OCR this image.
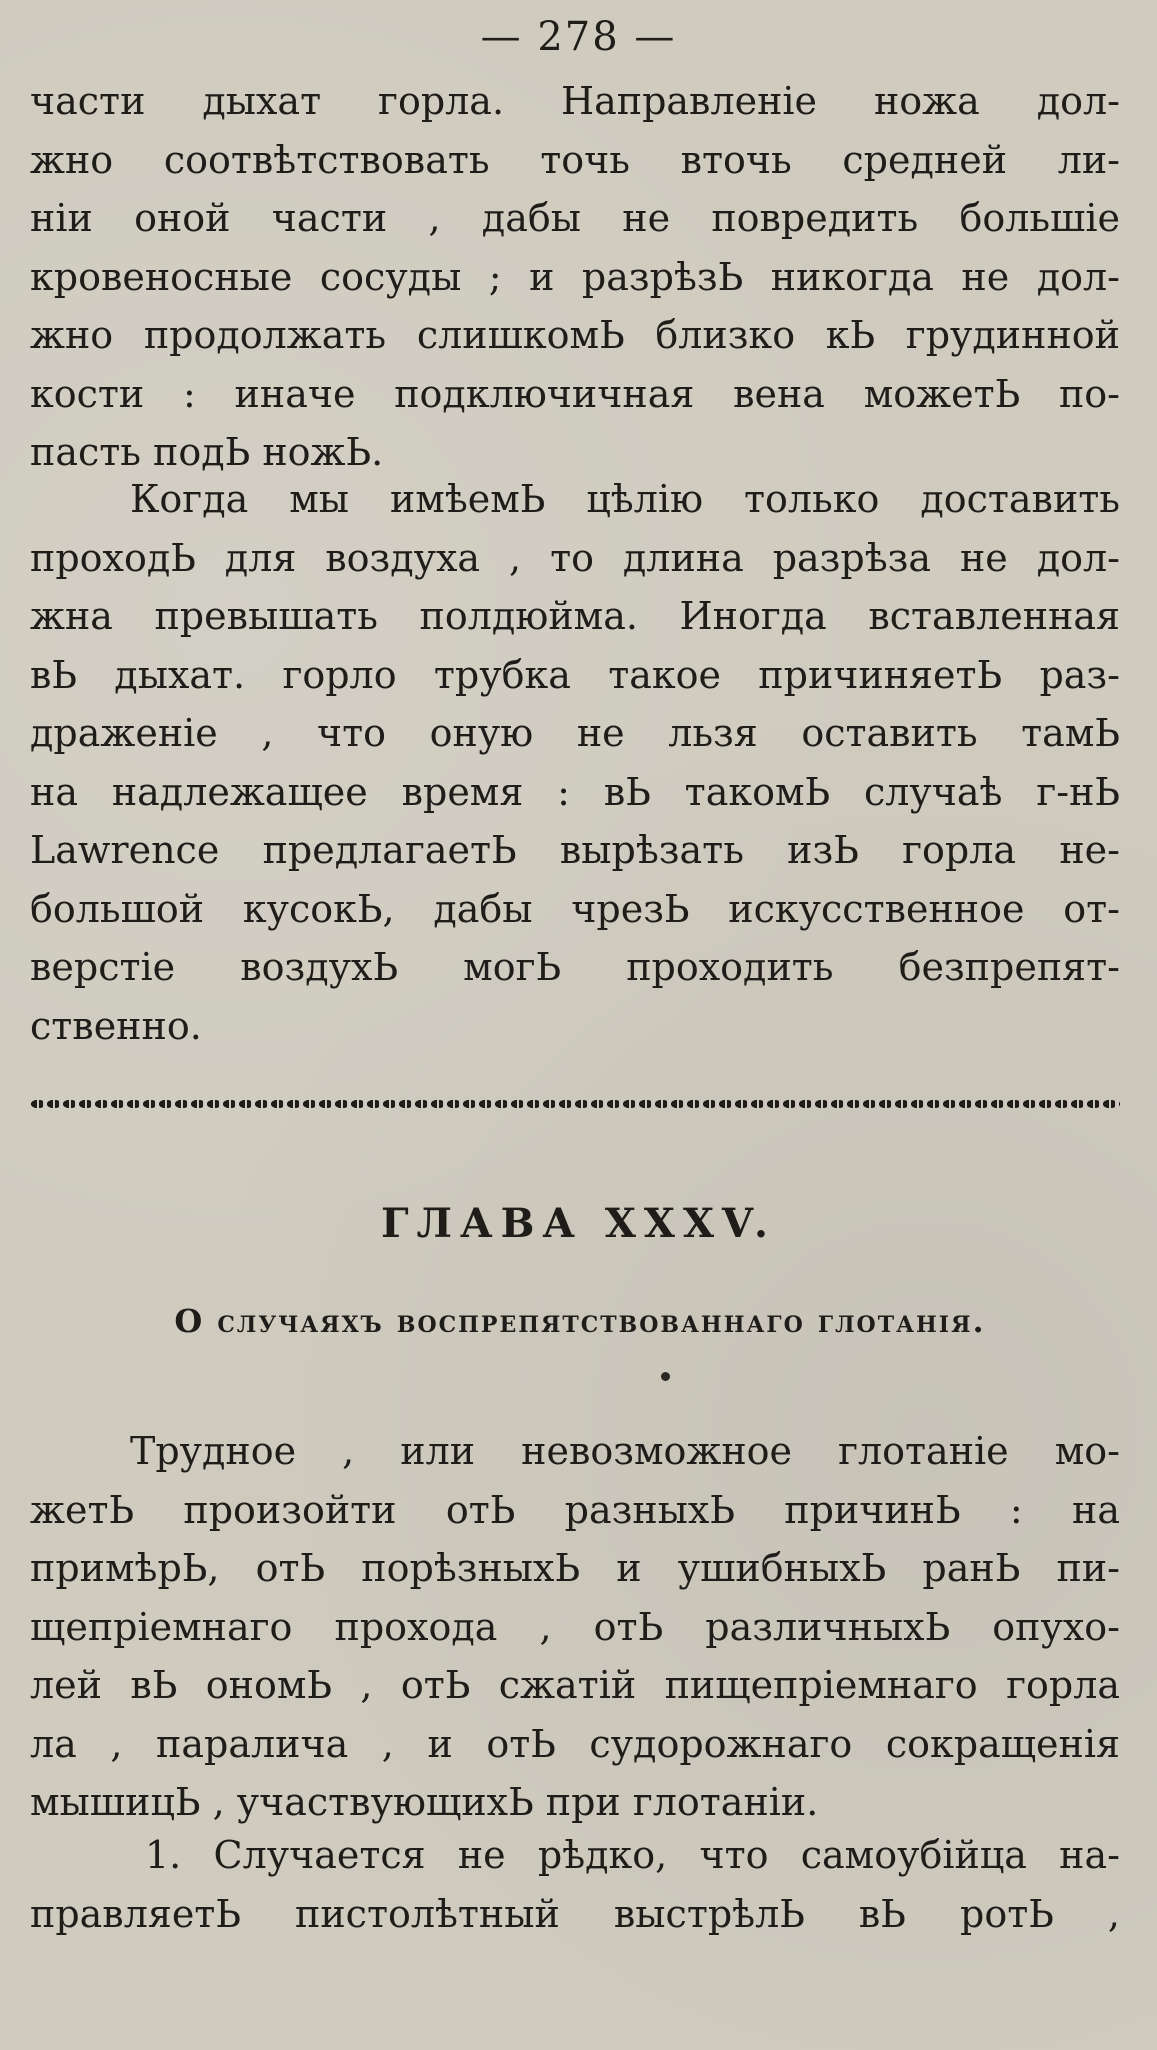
— 278 —
части дыхат горла. Направленіе ножа дол-
жно соотвѣтствовать точь вточь средней ли-
ніи оной части , дабы не повредить большіе
кровеносные сосуды ; и разрѣзЬ никогда не дол-
жно продолжать слишкомЬ близко кЬ грудинной
кости : иначе подключичная вена можетЬ по-
пасть подЬ ножЬ.
Когда мы имѣемЬ цѣлію только доставить
проходЬ для воздуха , то длина разрѣза не дол-
жна превышать полдюйма. Иногда вставленная
вЬ дыхат. горло трубка такое причиняетЬ раз-
драженіе , что оную не льзя оставить тамЬ
на надлежащее время : вЬ такомЬ случаѣ г-нЬ
Lawrence предлагаетЬ вырѣзать изЬ горла не-
большой кусокЬ, дабы чрезЬ искусственное от-
верстіе воздухЬ могЬ проходить безпрепят-
ственно.
ГЛАВА XXXV.
О случаяхъ воспрепятствованнаго глотанія.
Трудное , или невозможное глотаніе мо-
жетЬ произойти отЬ разныхЬ причинЬ : на
примѣрЬ, отЬ порѣзныхЬ и ушибныхЬ ранЬ пи-
щепріемнаго прохода , отЬ различныхЬ опухо-
лей вЬ ономЬ , отЬ сжатій пищепріемнаго горла
ла , паралича , и отЬ судорожнаго сокращенія
мышицЬ , участвующихЬ при глотаніи.
1. Случается не рѣдко, что самоубійца на-
правляетЬ пистолѣтный выстрѣлЬ вЬ ротЬ ,
